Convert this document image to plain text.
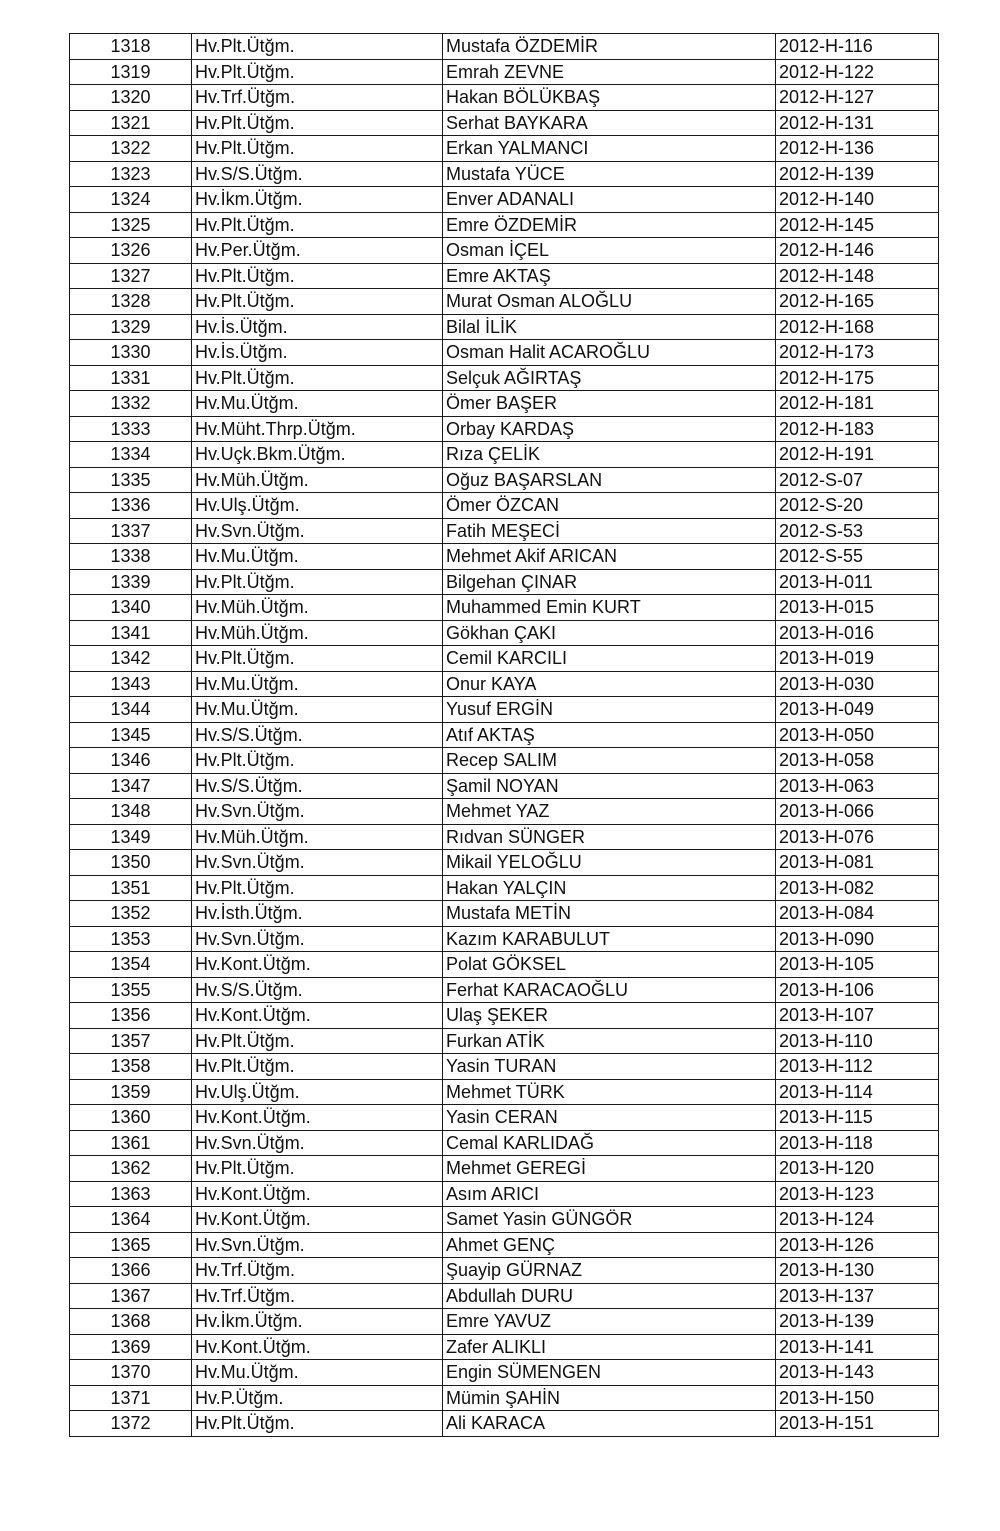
1318	Hv.Plt.Ütğm.	Mustafa ÖZDEMİR	2012-H-116
1319	Hv.Plt.Ütğm.	Emrah ZEVNE	2012-H-122
1320	Hv.Trf.Ütğm.	Hakan BÖLÜKBAŞ	2012-H-127
1321	Hv.Plt.Ütğm.	Serhat BAYKARA	2012-H-131
1322	Hv.Plt.Ütğm.	Erkan YALMANCI	2012-H-136
1323	Hv.S/S.Ütğm.	Mustafa YÜCE	2012-H-139
1324	Hv.İkm.Ütğm.	Enver ADANALI	2012-H-140
1325	Hv.Plt.Ütğm.	Emre ÖZDEMİR	2012-H-145
1326	Hv.Per.Ütğm.	Osman İÇEL	2012-H-146
1327	Hv.Plt.Ütğm.	Emre AKTAŞ	2012-H-148
1328	Hv.Plt.Ütğm.	Murat Osman ALOĞLU	2012-H-165
1329	Hv.İs.Ütğm.	Bilal İLİK	2012-H-168
1330	Hv.İs.Ütğm.	Osman Halit ACAROĞLU	2012-H-173
1331	Hv.Plt.Ütğm.	Selçuk AĞIRTAŞ	2012-H-175
1332	Hv.Mu.Ütğm.	Ömer BAŞER	2012-H-181
1333	Hv.Müht.Thrp.Ütğm.	Orbay KARDAŞ	2012-H-183
1334	Hv.Uçk.Bkm.Ütğm.	Rıza ÇELİK	2012-H-191
1335	Hv.Müh.Ütğm.	Oğuz BAŞARSLAN	2012-S-07
1336	Hv.Ulş.Ütğm.	Ömer ÖZCAN	2012-S-20
1337	Hv.Svn.Ütğm.	Fatih MEŞECİ	2012-S-53
1338	Hv.Mu.Ütğm.	Mehmet Akif ARICAN	2012-S-55
1339	Hv.Plt.Ütğm.	Bilgehan ÇINAR	2013-H-011
1340	Hv.Müh.Ütğm.	Muhammed Emin KURT	2013-H-015
1341	Hv.Müh.Ütğm.	Gökhan ÇAKI	2013-H-016
1342	Hv.Plt.Ütğm.	Cemil KARCILI	2013-H-019
1343	Hv.Mu.Ütğm.	Onur KAYA	2013-H-030
1344	Hv.Mu.Ütğm.	Yusuf ERGİN	2013-H-049
1345	Hv.S/S.Ütğm.	Atıf AKTAŞ	2013-H-050
1346	Hv.Plt.Ütğm.	Recep SALIM	2013-H-058
1347	Hv.S/S.Ütğm.	Şamil NOYAN	2013-H-063
1348	Hv.Svn.Ütğm.	Mehmet YAZ	2013-H-066
1349	Hv.Müh.Ütğm.	Rıdvan SÜNGER	2013-H-076
1350	Hv.Svn.Ütğm.	Mikail YELOĞLU	2013-H-081
1351	Hv.Plt.Ütğm.	Hakan YALÇIN	2013-H-082
1352	Hv.İsth.Ütğm.	Mustafa METİN	2013-H-084
1353	Hv.Svn.Ütğm.	Kazım KARABULUT	2013-H-090
1354	Hv.Kont.Ütğm.	Polat GÖKSEL	2013-H-105
1355	Hv.S/S.Ütğm.	Ferhat KARACAOĞLU	2013-H-106
1356	Hv.Kont.Ütğm.	Ulaş ŞEKER	2013-H-107
1357	Hv.Plt.Ütğm.	Furkan ATİK	2013-H-110
1358	Hv.Plt.Ütğm.	Yasin TURAN	2013-H-112
1359	Hv.Ulş.Ütğm.	Mehmet TÜRK	2013-H-114
1360	Hv.Kont.Ütğm.	Yasin CERAN	2013-H-115
1361	Hv.Svn.Ütğm.	Cemal KARLIDAĞ	2013-H-118
1362	Hv.Plt.Ütğm.	Mehmet GEREGİ	2013-H-120
1363	Hv.Kont.Ütğm.	Asım ARICI	2013-H-123
1364	Hv.Kont.Ütğm.	Samet Yasin GÜNGÖR	2013-H-124
1365	Hv.Svn.Ütğm.	Ahmet GENÇ	2013-H-126
1366	Hv.Trf.Ütğm.	Şuayip GÜRNAZ	2013-H-130
1367	Hv.Trf.Ütğm.	Abdullah DURU	2013-H-137
1368	Hv.İkm.Ütğm.	Emre YAVUZ	2013-H-139
1369	Hv.Kont.Ütğm.	Zafer ALIKLI	2013-H-141
1370	Hv.Mu.Ütğm.	Engin SÜMENGEN	2013-H-143
1371	Hv.P.Ütğm.	Mümin ŞAHİN	2013-H-150
1372	Hv.Plt.Ütğm.	Ali KARACA	2013-H-151
